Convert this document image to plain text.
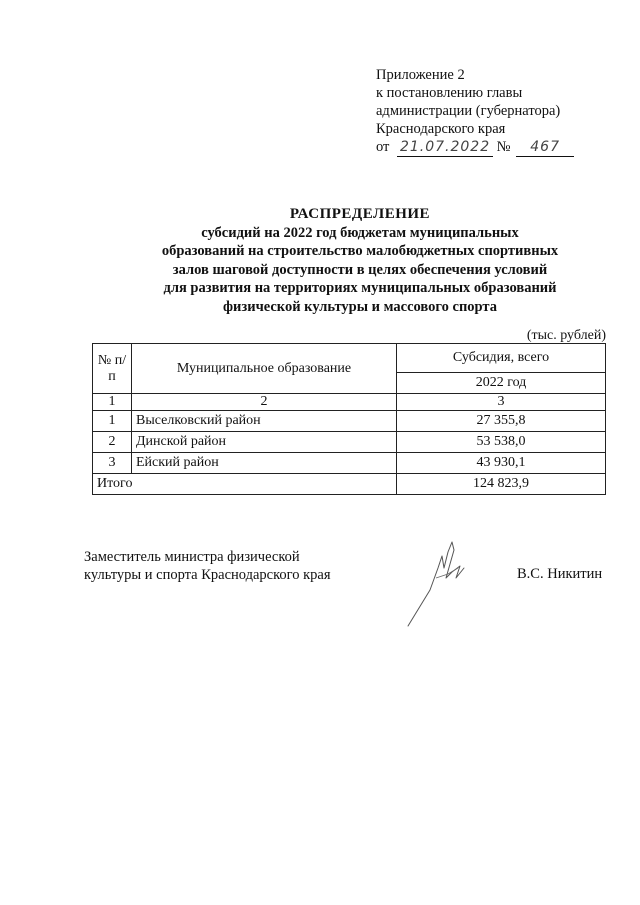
Приложение 2
к постановлению главы
администрации (губернатора)
Краснодарского края
от 21.07.2022 № 467
РАСПРЕДЕЛЕНИЕ
субсидий на 2022 год бюджетам муниципальных
образований на строительство малобюджетных спортивных
залов шаговой доступности в целях обеспечения условий
для развития на территориях муниципальных образований
физической культуры и массового спорта
(тыс. рублей)
№ п/п	Муниципальное образование	Субсидия, всего
		2022 год
1	2	3
1	Выселковский район	27 355,8
2	Динской район	53 538,0
3	Ейский район	43 930,1
Итого		124 823,9
Заместитель министра физической
культуры и спорта Краснодарского края	В.С. Никитин
